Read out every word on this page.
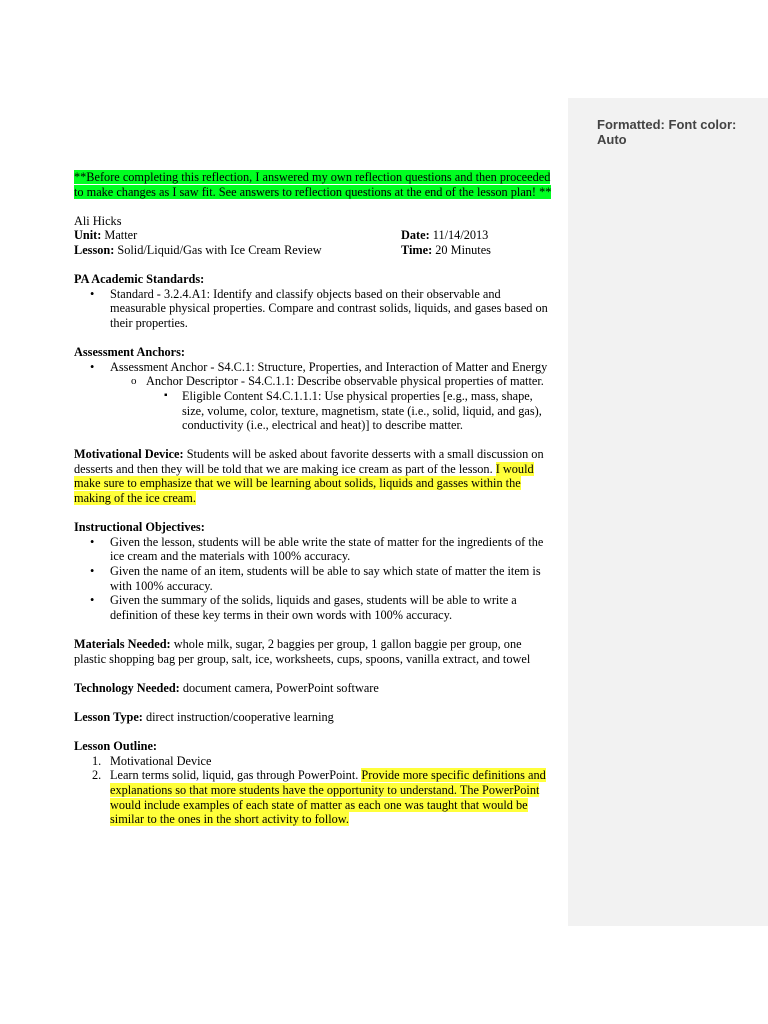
Formatted: Font color: Auto

**Before completing this reflection, I answered my own reflection questions and then proceeded to make changes as I saw fit. See answers to reflection questions at the end of the lesson plan! **

Ali Hicks

Unit: Matter	Date: 11/14/2013
Lesson: Solid/Liquid/Gas with Ice Cream Review	Time: 20 Minutes

PA Academic Standards:

• Standard - 3.2.4.A1: Identify and classify objects based on their observable and measurable physical properties. Compare and contrast solids, liquids, and gases based on their properties.

Assessment Anchors:

• Assessment Anchor - S4.C.1: Structure, Properties, and Interaction of Matter and Energy
o Anchor Descriptor - S4.C.1.1: Describe observable physical properties of matter.
▪ Eligible Content S4.C.1.1.1: Use physical properties [e.g., mass, shape, size, volume, color, texture, magnetism, state (i.e., solid, liquid, and gas), conductivity (i.e., electrical and heat)] to describe matter.

Motivational Device: Students will be asked about favorite desserts with a small discussion on desserts and then they will be told that we are making ice cream as part of the lesson. I would make sure to emphasize that we will be learning about solids, liquids and gasses within the making of the ice cream.

Instructional Objectives:

• Given the lesson, students will be able write the state of matter for the ingredients of the ice cream and the materials with 100% accuracy.
• Given the name of an item, students will be able to say which state of matter the item is with 100% accuracy.
• Given the summary of the solids, liquids and gases, students will be able to write a definition of these key terms in their own words with 100% accuracy.

Materials Needed: whole milk, sugar, 2 baggies per group, 1 gallon baggie per group, one plastic shopping bag per group, salt, ice, worksheets, cups, spoons, vanilla extract, and towel

Technology Needed: document camera, PowerPoint software

Lesson Type: direct instruction/cooperative learning

Lesson Outline:

1. Motivational Device
2. Learn terms solid, liquid, gas through PowerPoint. Provide more specific definitions and explanations so that more students have the opportunity to understand. The PowerPoint would include examples of each state of matter as each one was taught that would be similar to the ones in the short activity to follow.
